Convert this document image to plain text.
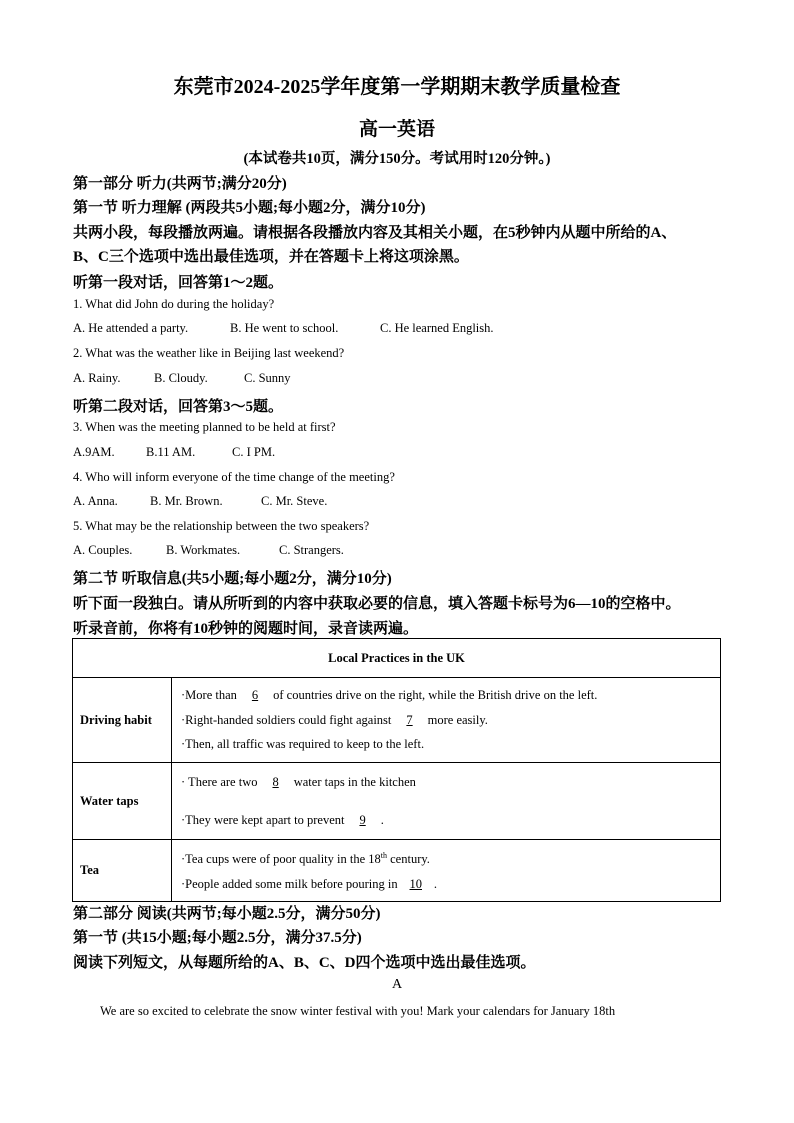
东莞市2024-2025学年度第一学期期末教学质量检查
高一英语
(本试卷共10页，满分150分。考试用时120分钟。)
第一部分 听力(共两节;满分20分)
第一节 听力理解 (两段共5小题;每小题2分，满分10分)
共两小段，每段播放两遍。请根据各段播放内容及其相关小题，在5秒钟内从题中所给的A、
B、C三个选项中选出最佳选项，并在答题卡上将这项涂黑。
听第一段对话，回答第1～2题。
1. What did John do during the holiday?
A. He attended a party.	B. He went to school.	C. He learned English.
2. What was the weather like in Beijing last weekend?
A. Rainy.	B. Cloudy.	C. Sunny
听第二段对话，回答第3～5题。
3. When was the meeting planned to be held at first?
A.9AM.	B.11 AM.	C. I PM.
4. Who will inform everyone of the time change of the meeting?
A. Anna.	B. Mr. Brown.	C. Mr. Steve.
5. What may be the relationship between the two speakers?
A. Couples.	B. Workmates.	C. Strangers.
第二节 听取信息(共5小题;每小题2分，满分10分)
听下面一段独白。请从所听到的内容中获取必要的信息，填入答题卡标号为6—10的空格中。
听录音前，你将有10秒钟的阅题时间，录音读两遍。
Local Practices in the UK	
Driving habit	·More than 6 of countries drive on the right, while the British drive on the left.
·Right-handed soldiers could fight against 7 more easily.
·Then, all traffic was required to keep to the left.

Water taps	· There are two 8 water taps in the kitchen
·They were kept apart to prevent 9 .

Tea	·Tea cups were of poor quality in the 18th century.
·People added some milk before pouring in 10 .
第二部分 阅读(共两节;每小题2.5分，满分50分)
第一节 (共15小题;每小题2.5分，满分37.5分)
阅读下列短文，从每题所给的A、B、C、D四个选项中选出最佳选项。
A
We are so excited to celebrate the snow winter festival with you! Mark your calendars for January 18th
